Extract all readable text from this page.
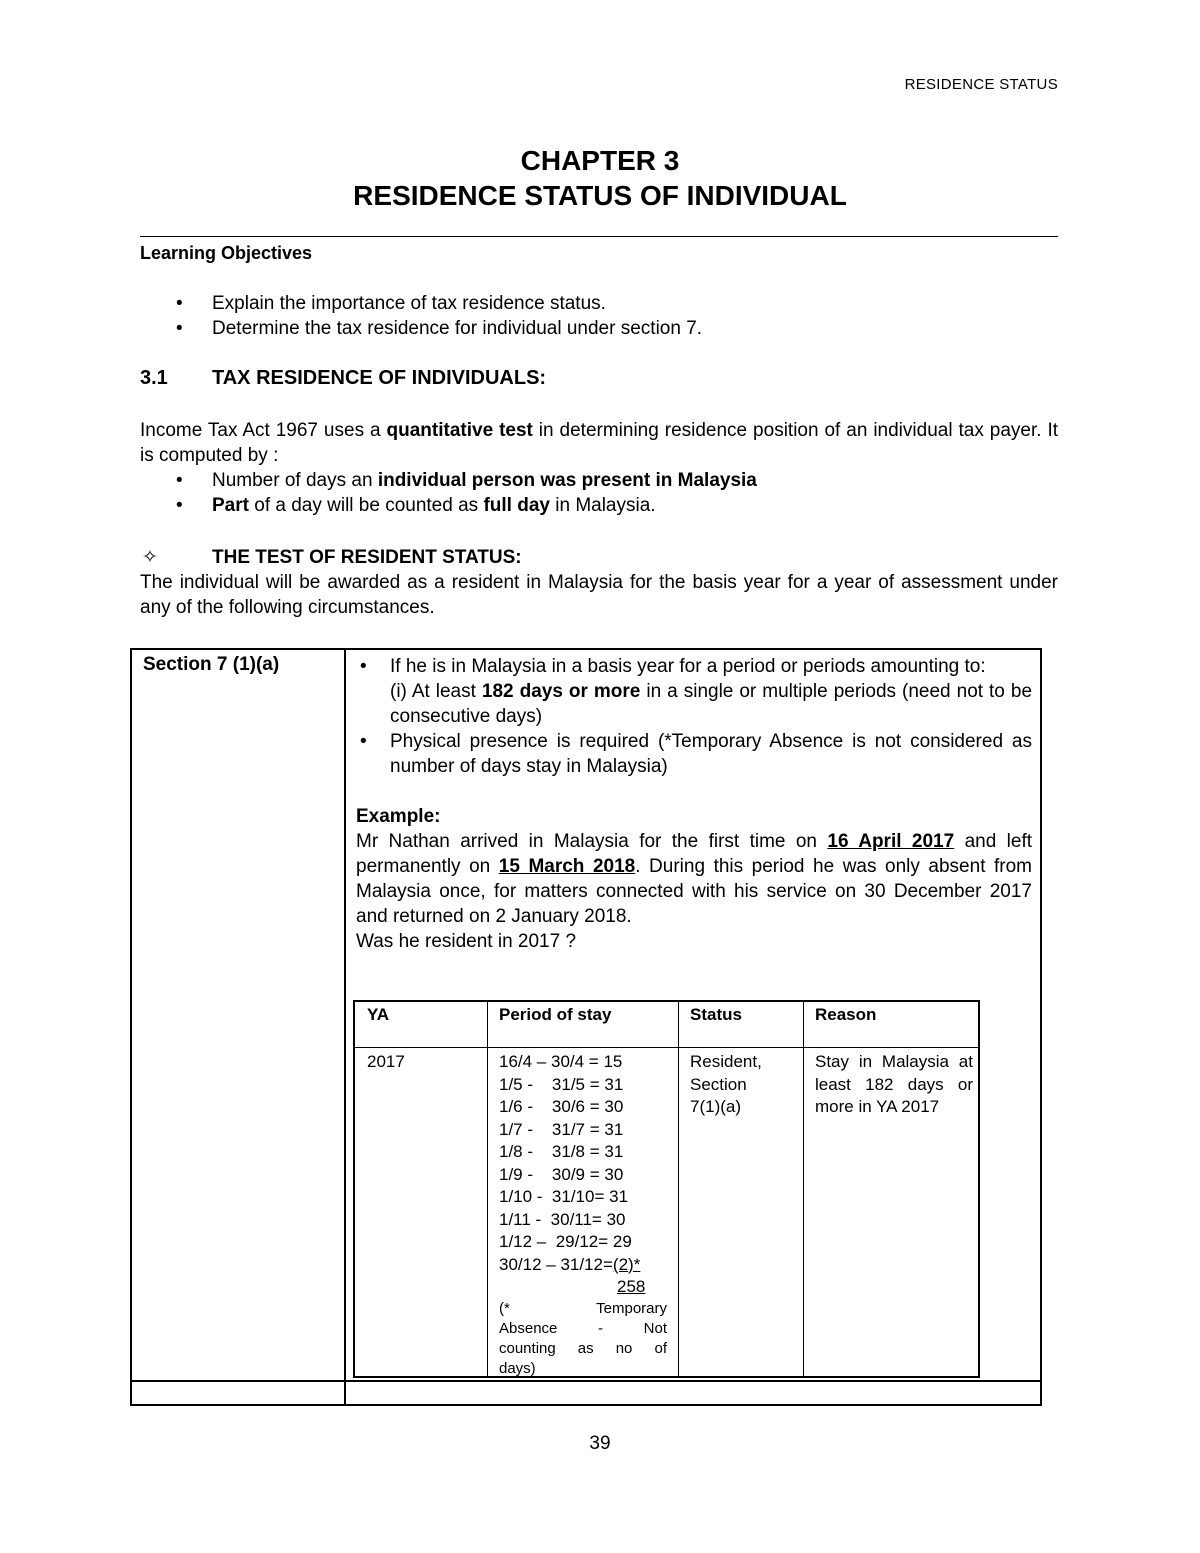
RESIDENCE STATUS
CHAPTER 3
RESIDENCE STATUS OF INDIVIDUAL
Learning Objectives
• Explain the importance of tax residence status.
• Determine the tax residence for individual under section 7.
3.1 TAX RESIDENCE OF INDIVIDUALS:
Income Tax Act 1967 uses a quantitative test in determining residence position of an individual tax payer. It is computed by :
• Number of days an individual person was present in Malaysia
• Part of a day will be counted as full day in Malaysia.
✧	THE TEST OF RESIDENT STATUS:
The individual will be awarded as a resident in Malaysia for the basis year for a year of assessment under any of the following circumstances.
Section 7 (1)(a)
•	If he is in Malaysia in a basis year for a period or periods amounting to:
(i) At least 182 days or more in a single or multiple periods (need not to be consecutive days)
• Physical presence is required (*Temporary Absence is not considered as number of days stay in Malaysia)
Example:
Mr Nathan arrived in Malaysia for the first time on 16 April 2017 and left permanently on 15 March 2018. During this period he was only absent from Malaysia once, for matters connected with his service on 30 December 2017 and returned on 2 January 2018.
Was he resident in 2017 ?
YA	Period of stay	Status	Reason
2017	16/4 – 30/4 = 15
1/5 -    31/5 = 31
1/6 -    30/6 = 30
1/7 -    31/7 = 31
1/8 -    31/8 = 31
1/9 -    30/9 = 30
1/10 -  31/10= 31
1/11 -  30/11= 30
1/12 –  29/12= 29
30/12 – 31/12=(2)*
258
(*          Temporary
Absence    -    Not
counting   as   no   of
days)
Resident,
Section
7(1)(a)
Stay in Malaysia at least 182 days or more in YA 2017
39
